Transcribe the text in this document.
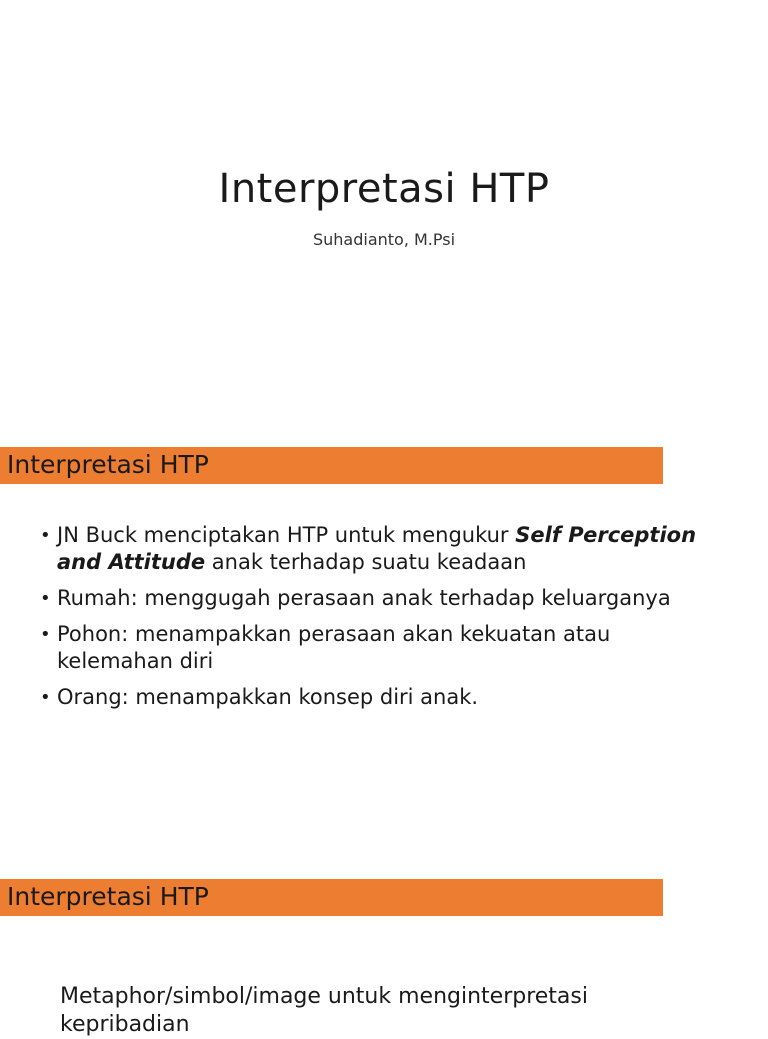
Interpretasi HTP
Suhadianto, M.Psi
Interpretasi HTP
• JN Buck menciptakan HTP untuk mengukur Self Perception and Attitude anak terhadap suatu keadaan
• Rumah: menggugah perasaan anak terhadap keluarganya
• Pohon: menampakkan perasaan akan kekuatan atau kelemahan diri
• Orang: menampakkan konsep diri anak.
Interpretasi HTP
Metaphor/simbol/image untuk menginterpretasi kepribadian
